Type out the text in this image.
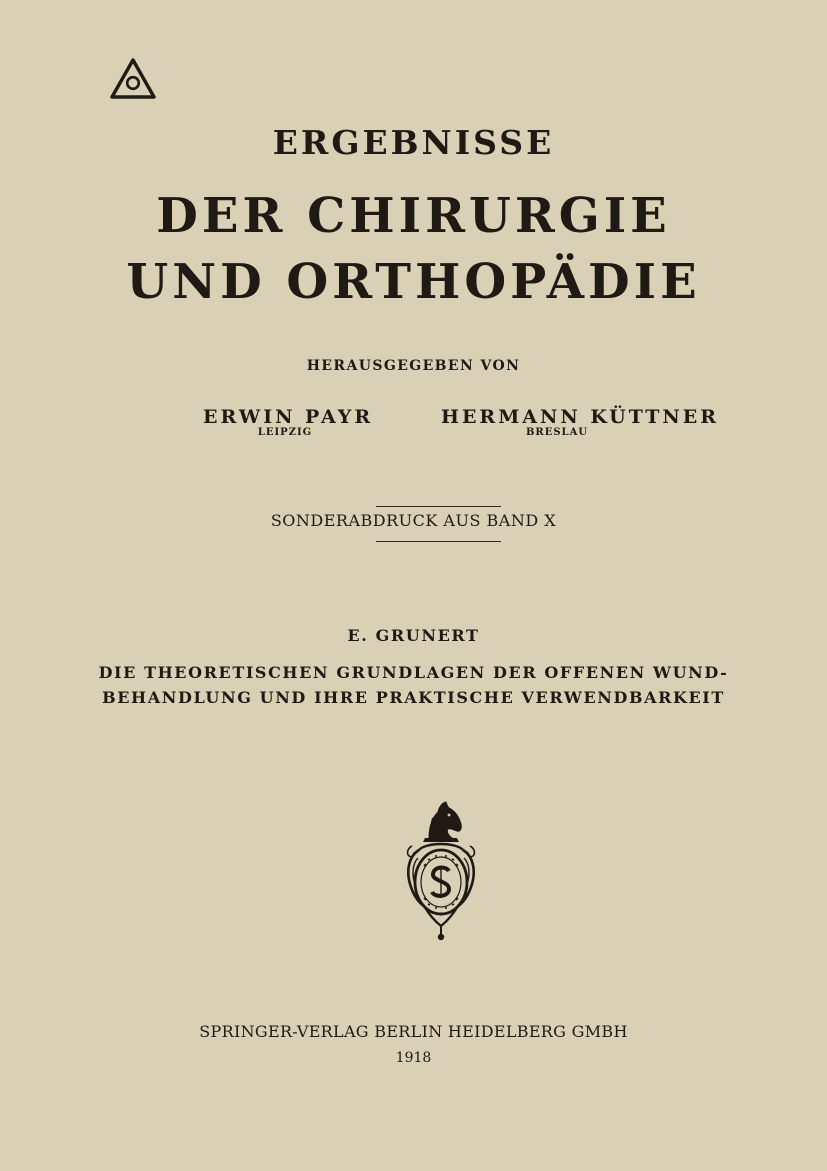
ERGEBNISSE
DER CHIRURGIE
UND ORTHOPÄDIE
HERAUSGEGEBEN VON
ERWIN PAYR
LEIPZIG
HERMANN KÜTTNER
BRESLAU
SONDERABDRUCK AUS BAND X
E. GRUNERT
DIE THEORETISCHEN GRUNDLAGEN DER OFFENEN WUND-
BEHANDLUNG UND IHRE PRAKTISCHE VERWENDBARKEIT
SPRINGER-VERLAG BERLIN HEIDELBERG GMBH
1918
